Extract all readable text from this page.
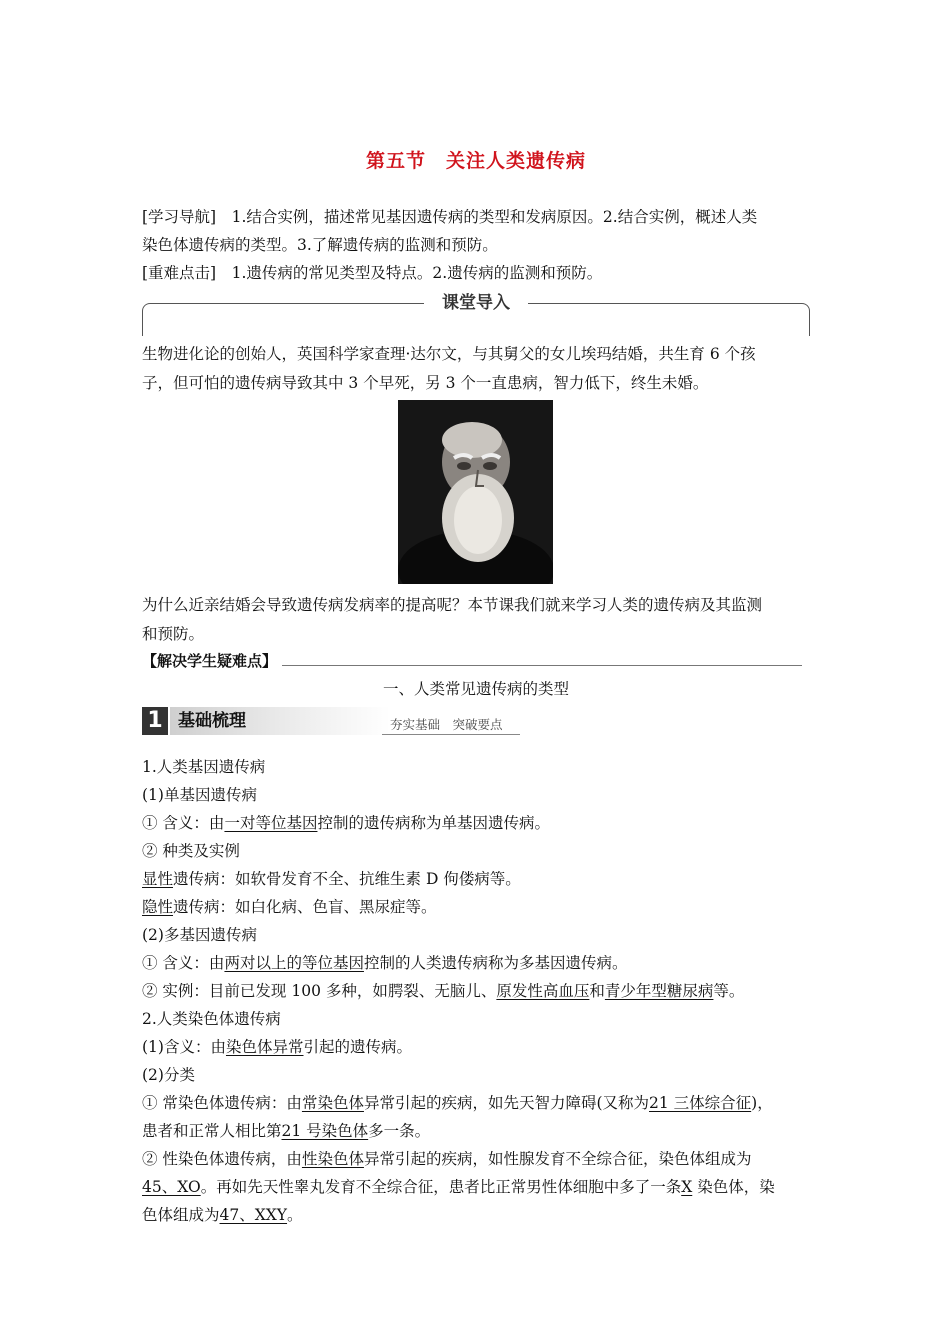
第五节　关注人类遗传病
[学习导航]　1.结合实例，描述常见基因遗传病的类型和发病原因。2.结合实例，概述人类
染色体遗传病的类型。3.了解遗传病的监测和预防。
[重难点击]　1.遗传病的常见类型及特点。2.遗传病的监测和预防。
课堂导入
生物进化论的创始人，英国科学家查理·达尔文，与其舅父的女儿埃玛结婚，共生育 6 个孩
子，但可怕的遗传病导致其中 3 个早死，另 3 个一直患病，智力低下，终生未婚。
为什么近亲结婚会导致遗传病发病率的提高呢？本节课我们就来学习人类的遗传病及其监测
和预防。
【解决学生疑难点】
一、人类常见遗传病的类型
1 基础梳理	夯实基础　突破要点
1.人类基因遗传病
(1)单基因遗传病
① 含义：由一对等位基因控制的遗传病称为单基因遗传病。
② 种类及实例
显性遗传病：如软骨发育不全、抗维生素 D 佝偻病等。
隐性遗传病：如白化病、色盲、黑尿症等。
(2)多基因遗传病
① 含义：由两对以上的等位基因控制的人类遗传病称为多基因遗传病。
② 实例：目前已发现 100 多种，如腭裂、无脑儿、原发性高血压和青少年型糖尿病等。
2.人类染色体遗传病
(1)含义：由染色体异常引起的遗传病。
(2)分类
① 常染色体遗传病：由常染色体异常引起的疾病，如先天智力障碍(又称为21 三体综合征)，
患者和正常人相比第21 号染色体多一条。
② 性染色体遗传病，由性染色体异常引起的疾病，如性腺发育不全综合征，染色体组成为
45、XO。再如先天性睾丸发育不全综合征，患者比正常男性体细胞中多了一条X 染色体，染
色体组成为47、XXY。
